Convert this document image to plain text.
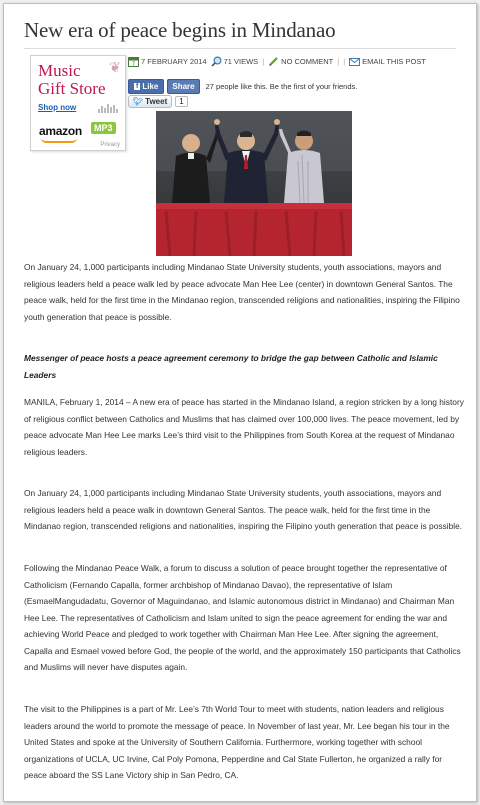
New era of peace begins in Mindanao
Music ❦
Gift Store
Shop now
amazon	MP3
Privacy
7 7 FEBRUARY 2014 71 VIEWS | NO COMMENT | | EMAIL THIS POST
f Like	Share	27 people like this. Be the first of your friends.
🐦︎ Tweet	1

On January 24, 1,000 participants including Mindanao State University students, youth associations, mayors and religious leaders held a peace walk led by peace advocate Man Hee Lee (center) in downtown General Santos. The peace walk, held for the first time in the Mindanao region, transcended religions and nationalities, inspiring the Filipino youth generation that peace is possible.

Messenger of peace hosts a peace agreement ceremony to bridge the gap between Catholic and Islamic Leaders

MANILA, February 1, 2014 – A new era of peace has started in the Mindanao Island, a region stricken by a long history of religious conflict between Catholics and Muslims that has claimed over 100,000 lives. The peace movement, led by peace advocate Man Hee Lee marks Lee’s third visit to the Philippines from South Korea at the request of Mindanao religious leaders.

On January 24, 1,000 participants including Mindanao State University students, youth associations, mayors and religious leaders held a peace walk in downtown General Santos. The peace walk, held for the first time in the Mindanao region, transcended religions and nationalities, inspiring the Filipino youth generation that peace is possible.

Following the Mindanao Peace Walk, a forum to discuss a solution of peace brought together the representative of Catholicism (Fernando Capalla, former archbishop of Mindanao Davao), the representative of Islam (EsmaelMangudadatu, Governor of Maguindanao, and Islamic autonomous district in Mindanao) and Chairman Man Hee Lee. The representatives of Catholicism and Islam united to sign the peace agreement for ending the war and achieving World Peace and pledged to work together with Chairman Man Hee Lee. After signing the agreement, Capalla and Esmael vowed before God, the people of the world, and the approximately 150 participants that Catholics and Muslims will never have disputes again.

The visit to the Philippines is a part of Mr. Lee’s 7th World Tour to meet with students, nation leaders and religious leaders around the world to promote the message of peace. In November of last year, Mr. Lee began his tour in the United States and spoke at the University of Southern California. Furthermore, working together with school organizations of UCLA, UC Irvine, Cal Poly Pomona, Pepperdine and Cal State Fullerton, he organized a rally for peace aboard the SS Lane Victory ship in San Pedro, CA.
